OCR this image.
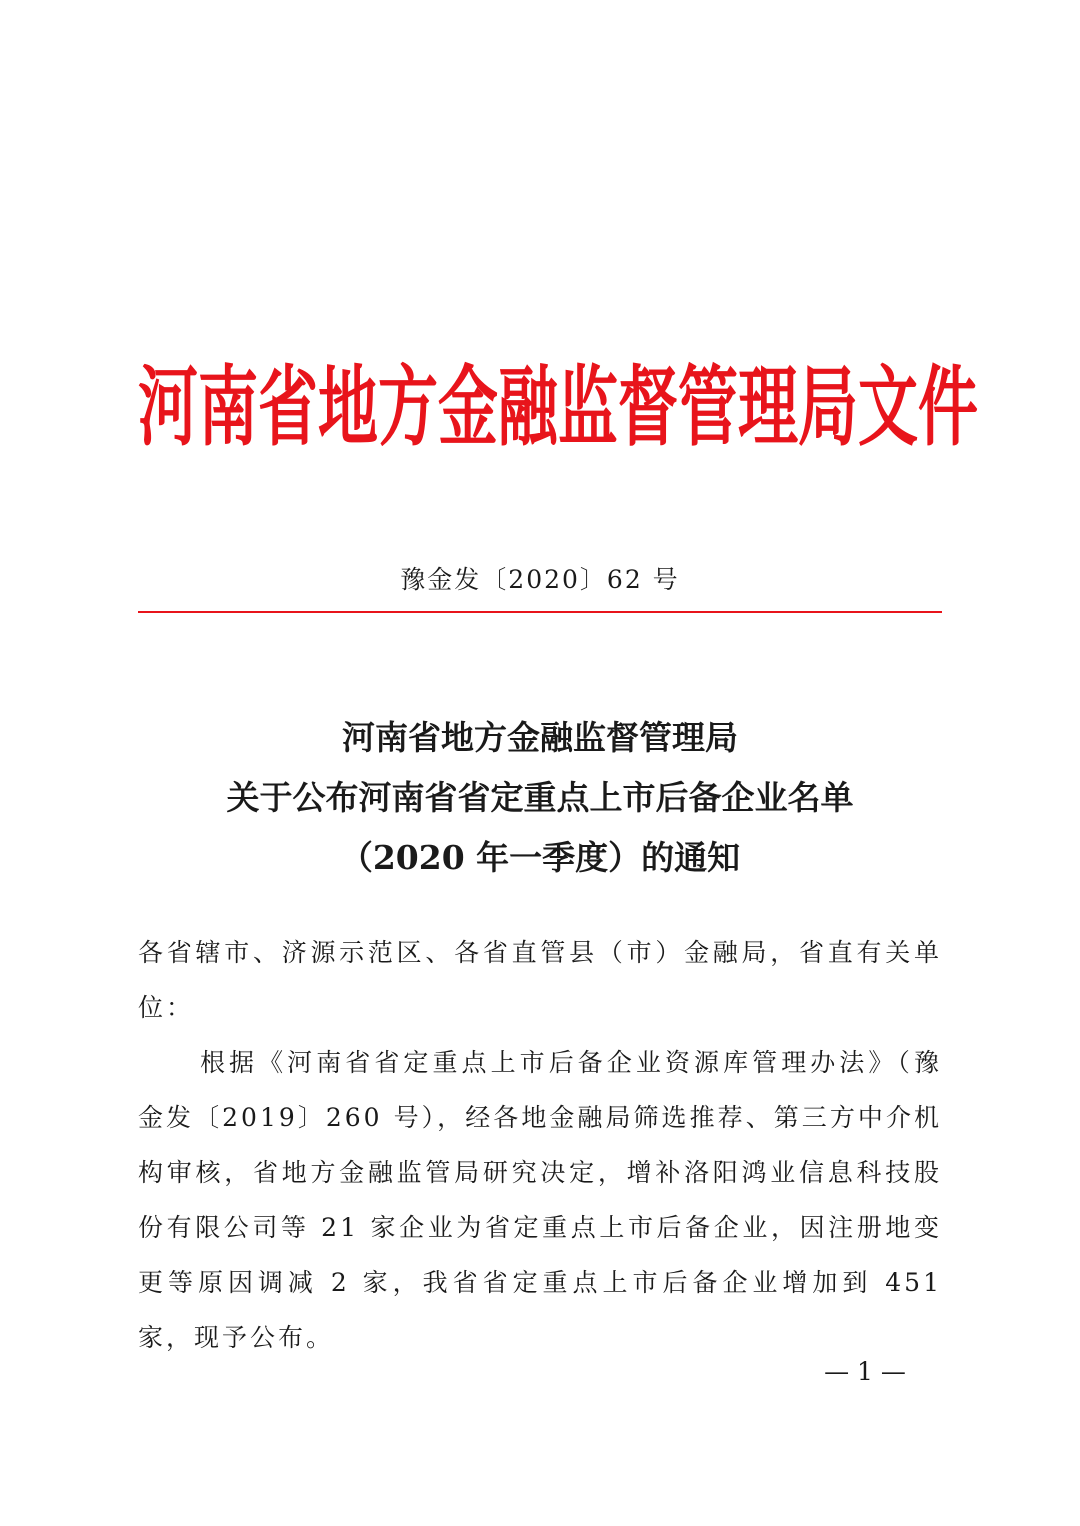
河南省地方金融监督管理局文件
豫金发〔2020〕62 号
河南省地方金融监督管理局
关于公布河南省省定重点上市后备企业名单
（2020 年一季度）的通知

各省辖市、济源示范区、各省直管县（市）金融局，省直有关单位：

根据《河南省省定重点上市后备企业资源库管理办法》（豫金发〔2019〕260 号），经各地金融局筛选推荐、第三方中介机构审核，省地方金融监管局研究决定，增补洛阳鸿业信息科技股份有限公司等 21 家企业为省定重点上市后备企业，因注册地变更等原因调减 2 家，我省省定重点上市后备企业增加到 451 家，现予公布。

— 1 —
